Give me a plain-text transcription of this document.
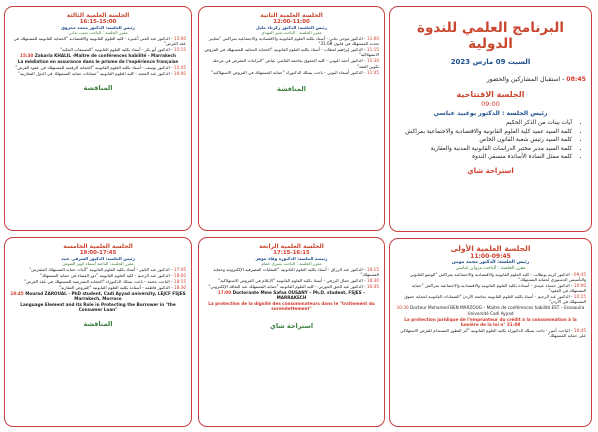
البرنامج العلمي للندوة الدولية
السبت 09 مارس 2023
08:45 - استقبال المشاركين والحضور
الجلسة الافتتاحية
09:00
رئيس الجلسة : الدكتور بوعبيد عباسي
• آيات بينات من الذكر الحكيم
• كلمة السيد عميد كلية العلوم القانونية والاقتصادية والاجتماعية بمراكش
• كلمة السيد رئيس شعبة القانون الخاص
• كلمة السيد مدير مختبر الدراسات القانونية المدنية والعقارية
• كلمة ممثل السادة الأساتذة منسقي الندوة
استراحة شاي
الجلسة العلمية الأولى
11:00-09:45
رئيس الجلسة: الدكتور محمد مومن
مقرر الجلسة : الباحث مروان عباسي
09:45 - الدكتور كريم بوطالب - كلية العلوم القانونية والاقتصادية والاجتماعية بمراكش "الوضع القانوني والتأسيس الدستوري لحماية المستهلك"
10:00 - الدكتور حسناء عبيدي - أستاذة بكلية العلوم القانونية والاقتصادية والاجتماعية بمراكش "حماية المستهلك في العقود"
10:15 - الدكتور عبد الرحيم - أستاذ بكلية العلوم القانونية بجامعة الأردن "الضمانات القانونية لحماية حقوق المستهلك في الأردن"
10:30 Docteur Mohamed BEN MARZOUG – Maitre de conférences habilité EST – Essaouira Université Cadi Ayyad
La protection juridique de l'emprunteur du crédit à la consommation à la lumière de la loi n° 31-08
10:45 - الباحث أمين - باحث بسلك الدكتوراه بكلية العلوم القانونية "آثر التطور المستدام للقرض الاستهلاكي على حماية المستهلك"
الجلسة العلمية الثانية
12:00-11:00
رئيس الجلسة: الدكتور زكرياء خليل
مقرر الجلسة : الباحث منير المهدي
11:00 - الدكتور موحى بناني - أستاذ بكلية العلوم القانونية والاقتصادية والاجتماعية بمراكش "معايير تحديد المستهلك في قانون 31.08"
11:15 - الدكتور إبراهيم لعطاب - أستاذ بكلية العلوم القانونية "الحماية الجنائية للمستهلك في القروض الاستهلاكية"
11:30 - الدكتور أحمد البوني - كلية الحقوق بجامعة القاضي عياض "التزامات المقرض في مرحلة تكوين العقد"
11:45 - الدكتور أسماء البوني - باحث بسلك الدكتوراه "حماية المستهلك في القروض الاستهلاكية"
المناقشة
الجلسة العلمية الرابعة
17:15-16:15
رئيسة الجلسة: الدكتورة وفاء جوهر
مقرر الجلسة : الباحث يسرى حمام
16:15 - الدكتور عبد الرزاق - أستاذ بكلية العلوم القانونية "العمليات المصرفية الإلكترونية وحماية المستهلك"
16:30 - الدكتور جمال الزرقي - أستاذ بكلية العلوم القانونية "الإعلام في القروض الاستهلاكية"
16:45 - الدكتور عبد الحق الحورثي - كلية العلوم القانونية "حماية المستهلك عند التعاقد الإلكتروني"
17:00 Doctorante Mme Safaa OUSANY – Ph.D. student, FSJES – MARRAKECH
La protection de la dignité des consommateurs dans le "traitement du surendettement"
استراحة شاي
الجلسة العلمية الثالثة
16:15-15:00
رئيس الجلسة: الدكتور محمد محروق
مقرر الجلسة : الباحث نجيب بداني
15:00 - الدكتور عبد الغني أعبيزة - كلية العلوم القانونية والاقتصادية "الحماية القانونية للمستهلك في عقد القرض"
15:15 - الدكتور أبو بكر - أستاذ بكلية العلوم القانونية "التصنيفات البنكية"
15:30 Zakaria KHALIL -Maître de conférences habilité - Marrakech
La médiation en assurance dans le prisme de l'expérience française
15:45 - الدكتور يوسف - أستاذ بكلية العلوم القانونية "الحماية الرقمية للمستهلك في عقود القرض"
16:00 - الدكتور عبد المجيد - كلية العلوم القانونية "ضمانات حماية المستهلك في الدول المغاربية"
المناقشة
الجلسة العلمية الخامسة
19:00-17:45
رئيس الجلسة: الدكتور الشرقي عبيد
مقرر الجلسة: الباحثة أسماء كوير العيوش
17:45 - الدكتور عبد الكبير - أستاذ بكلية العلوم القانونية "آليات حماية المستهلك المقترض"
18:00 - الدكتور عبد الرحيم - كلية العلوم القانونية "دور القضاء في حماية المستهلك"
18:15 - الباحث محمد - باحث بسلك الدكتوراه "الحماية التشريعية للمستهلك في عقد القرض"
18:30 - الدكتور فاطمة - أستاذة بكلية العلوم القانونية "القروض العقارية"
18:45 Mourad ZAROUAL - PhD student, Cadi Ayyad university, LEJCF FSJES Marrakech, Morroco
Language Element and its Role in Protecting the Borrower in "the Consumer Loan"
المناقشة
